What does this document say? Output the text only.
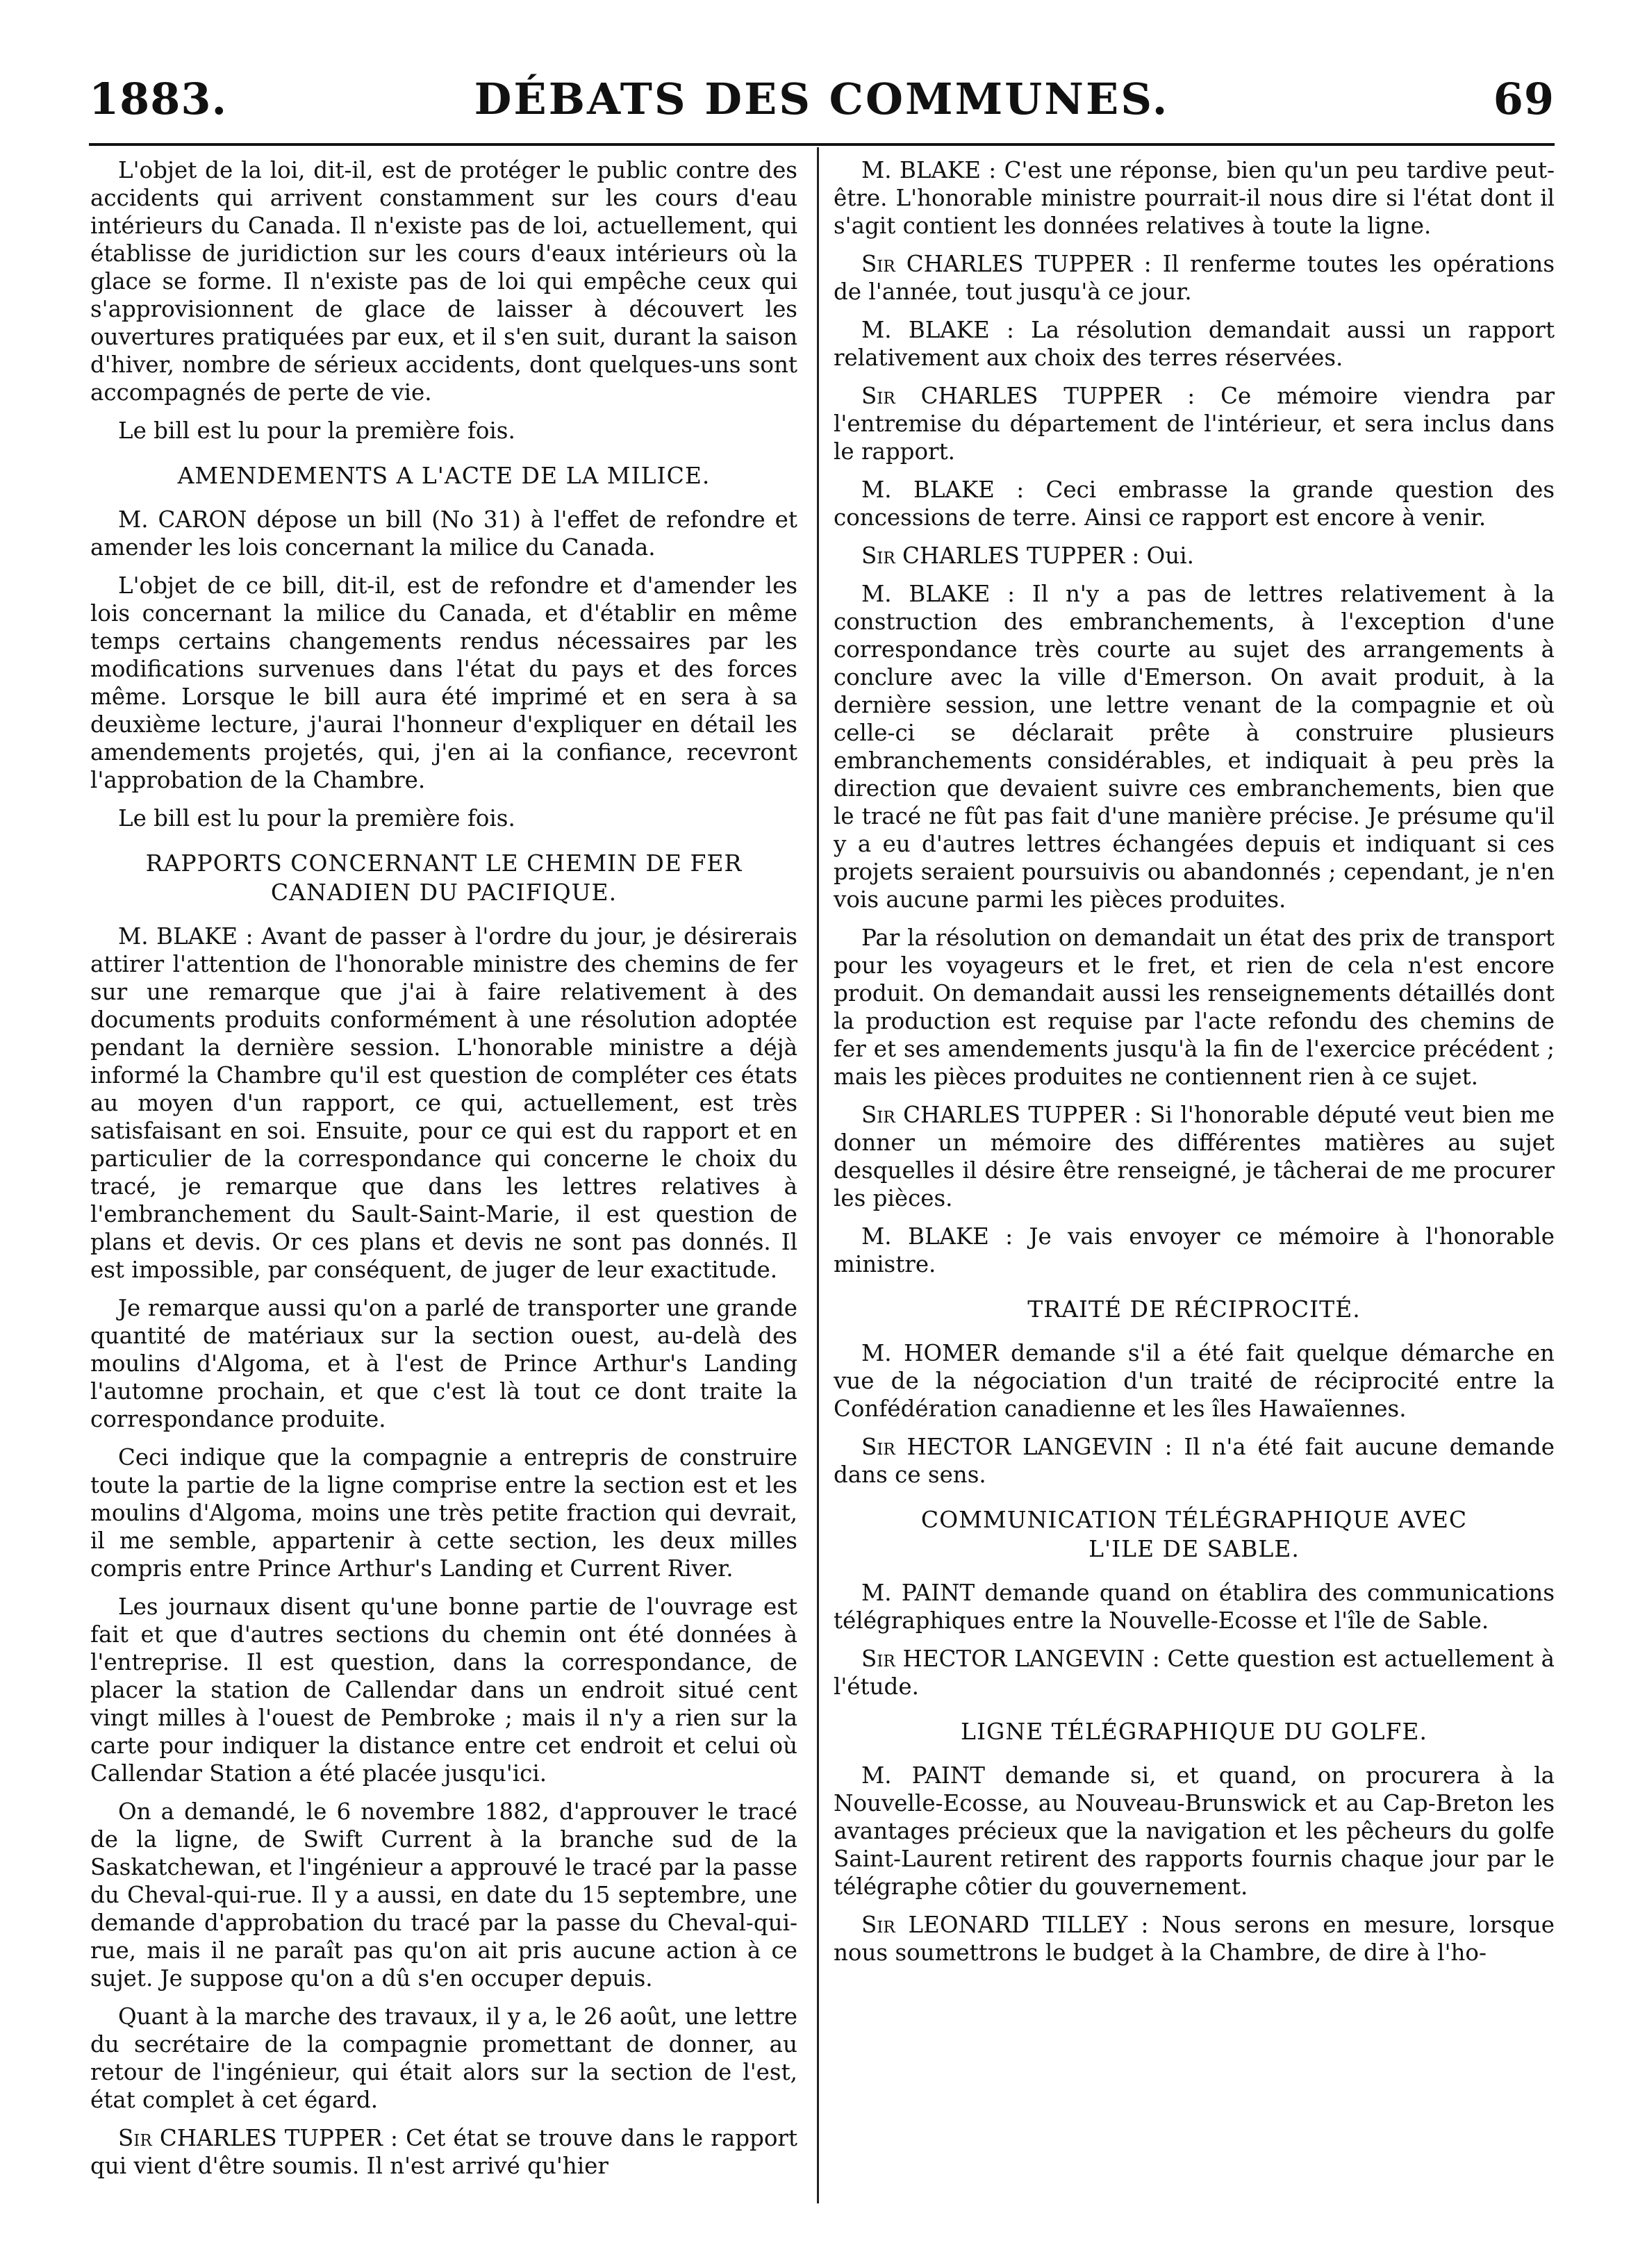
1883.	DÉBATS DES COMMUNES.	69

L'objet de la loi, dit-il, est de protéger le public contre des accidents qui arrivent constamment sur les cours d'eau intérieurs du Canada. Il n'existe pas de loi, actuellement, qui établisse de juridiction sur les cours d'eaux intérieurs où la glace se forme. Il n'existe pas de loi qui empêche ceux qui s'approvisionnent de glace de laisser à découvert les ouvertures pratiquées par eux, et il s'en suit, durant la saison d'hiver, nombre de sérieux accidents, dont quelques-uns sont accompagnés de perte de vie.

Le bill est lu pour la première fois.

AMENDEMENTS A L'ACTE DE LA MILICE.

M. CARON dépose un bill (No 31) à l'effet de refondre et amender les lois concernant la milice du Canada.

L'objet de ce bill, dit-il, est de refondre et d'amender les lois concernant la milice du Canada, et d'établir en même temps certains changements rendus nécessaires par les modifications survenues dans l'état du pays et des forces même. Lorsque le bill aura été imprimé et en sera à sa deuxième lecture, j'aurai l'honneur d'expliquer en détail les amendements projetés, qui, j'en ai la confiance, recevront l'approbation de la Chambre.

Le bill est lu pour la première fois.

RAPPORTS CONCERNANT LE CHEMIN DE FER
CANADIEN DU PACIFIQUE.

M. BLAKE : Avant de passer à l'ordre du jour, je désirerais attirer l'attention de l'honorable ministre des chemins de fer sur une remarque que j'ai à faire relativement à des documents produits conformément à une résolution adoptée pendant la dernière session. L'honorable ministre a déjà informé la Chambre qu'il est question de compléter ces états au moyen d'un rapport, ce qui, actuellement, est très satisfaisant en soi. Ensuite, pour ce qui est du rapport et en particulier de la correspondance qui concerne le choix du tracé, je remarque que dans les lettres relatives à l'embranchement du Sault-Saint-Marie, il est question de plans et devis. Or ces plans et devis ne sont pas donnés. Il est impossible, par conséquent, de juger de leur exactitude.

Je remarque aussi qu'on a parlé de transporter une grande quantité de matériaux sur la section ouest, au-delà des moulins d'Algoma, et à l'est de Prince Arthur's Landing l'automne prochain, et que c'est là tout ce dont traite la correspondance produite.

Ceci indique que la compagnie a entrepris de construire toute la partie de la ligne comprise entre la section est et les moulins d'Algoma, moins une très petite fraction qui devrait, il me semble, appartenir à cette section, les deux milles compris entre Prince Arthur's Landing et Current River.

Les journaux disent qu'une bonne partie de l'ouvrage est fait et que d'autres sections du chemin ont été données à l'entreprise. Il est question, dans la correspondance, de placer la station de Callendar dans un endroit situé cent vingt milles à l'ouest de Pembroke ; mais il n'y a rien sur la carte pour indiquer la distance entre cet endroit et celui où Callendar Station a été placée jusqu'ici.

On a demandé, le 6 novembre 1882, d'approuver le tracé de la ligne, de Swift Current à la branche sud de la Saskatchewan, et l'ingénieur a approuvé le tracé par la passe du Cheval-qui-rue. Il y a aussi, en date du 15 septembre, une demande d'approbation du tracé par la passe du Cheval-qui-rue, mais il ne paraît pas qu'on ait pris aucune action à ce sujet. Je suppose qu'on a dû s'en occuper depuis.

Quant à la marche des travaux, il y a, le 26 août, une lettre du secrétaire de la compagnie promettant de donner, au retour de l'ingénieur, qui était alors sur la section de l'est, état complet à cet égard.

Sir CHARLES TUPPER : Cet état se trouve dans le rapport qui vient d'être soumis. Il n'est arrivé qu'hier

M. BLAKE : C'est une réponse, bien qu'un peu tardive peut-être. L'honorable ministre pourrait-il nous dire si l'état dont il s'agit contient les données relatives à toute la ligne.

Sir CHARLES TUPPER : Il renferme toutes les opérations de l'année, tout jusqu'à ce jour.

M. BLAKE : La résolution demandait aussi un rapport relativement aux choix des terres réservées.

Sir CHARLES TUPPER : Ce mémoire viendra par l'entremise du département de l'intérieur, et sera inclus dans le rapport.

M. BLAKE : Ceci embrasse la grande question des concessions de terre. Ainsi ce rapport est encore à venir.

Sir CHARLES TUPPER : Oui.

M. BLAKE : Il n'y a pas de lettres relativement à la construction des embranchements, à l'exception d'une correspondance très courte au sujet des arrangements à conclure avec la ville d'Emerson. On avait produit, à la dernière session, une lettre venant de la compagnie et où celle-ci se déclarait prête à construire plusieurs embranchements considérables, et indiquait à peu près la direction que devaient suivre ces embranchements, bien que le tracé ne fût pas fait d'une manière précise. Je présume qu'il y a eu d'autres lettres échangées depuis et indiquant si ces projets seraient poursuivis ou abandonnés ; cependant, je n'en vois aucune parmi les pièces produites.

Par la résolution on demandait un état des prix de transport pour les voyageurs et le fret, et rien de cela n'est encore produit. On demandait aussi les renseignements détaillés dont la production est requise par l'acte refondu des chemins de fer et ses amendements jusqu'à la fin de l'exercice précédent ; mais les pièces produites ne contiennent rien à ce sujet.

Sir CHARLES TUPPER : Si l'honorable député veut bien me donner un mémoire des différentes matières au sujet desquelles il désire être renseigné, je tâcherai de me procurer les pièces.

M. BLAKE : Je vais envoyer ce mémoire à l'honorable ministre.

TRAITÉ DE RÉCIPROCITÉ.

M. HOMER demande s'il a été fait quelque démarche en vue de la négociation d'un traité de réciprocité entre la Confédération canadienne et les îles Hawaïennes.

Sir HECTOR LANGEVIN : Il n'a été fait aucune demande dans ce sens.

COMMUNICATION TÉLÉGRAPHIQUE AVEC
L'ILE DE SABLE.

M. PAINT demande quand on établira des communications télégraphiques entre la Nouvelle-Ecosse et l'île de Sable.

Sir HECTOR LANGEVIN : Cette question est actuellement à l'étude.

LIGNE TÉLÉGRAPHIQUE DU GOLFE.

M. PAINT demande si, et quand, on procurera à la Nouvelle-Ecosse, au Nouveau-Brunswick et au Cap-Breton les avantages précieux que la navigation et les pêcheurs du golfe Saint-Laurent retirent des rapports fournis chaque jour par le télégraphe côtier du gouvernement.

Sir LEONARD TILLEY : Nous serons en mesure, lorsque nous soumettrons le budget à la Chambre, de dire à l'ho-
